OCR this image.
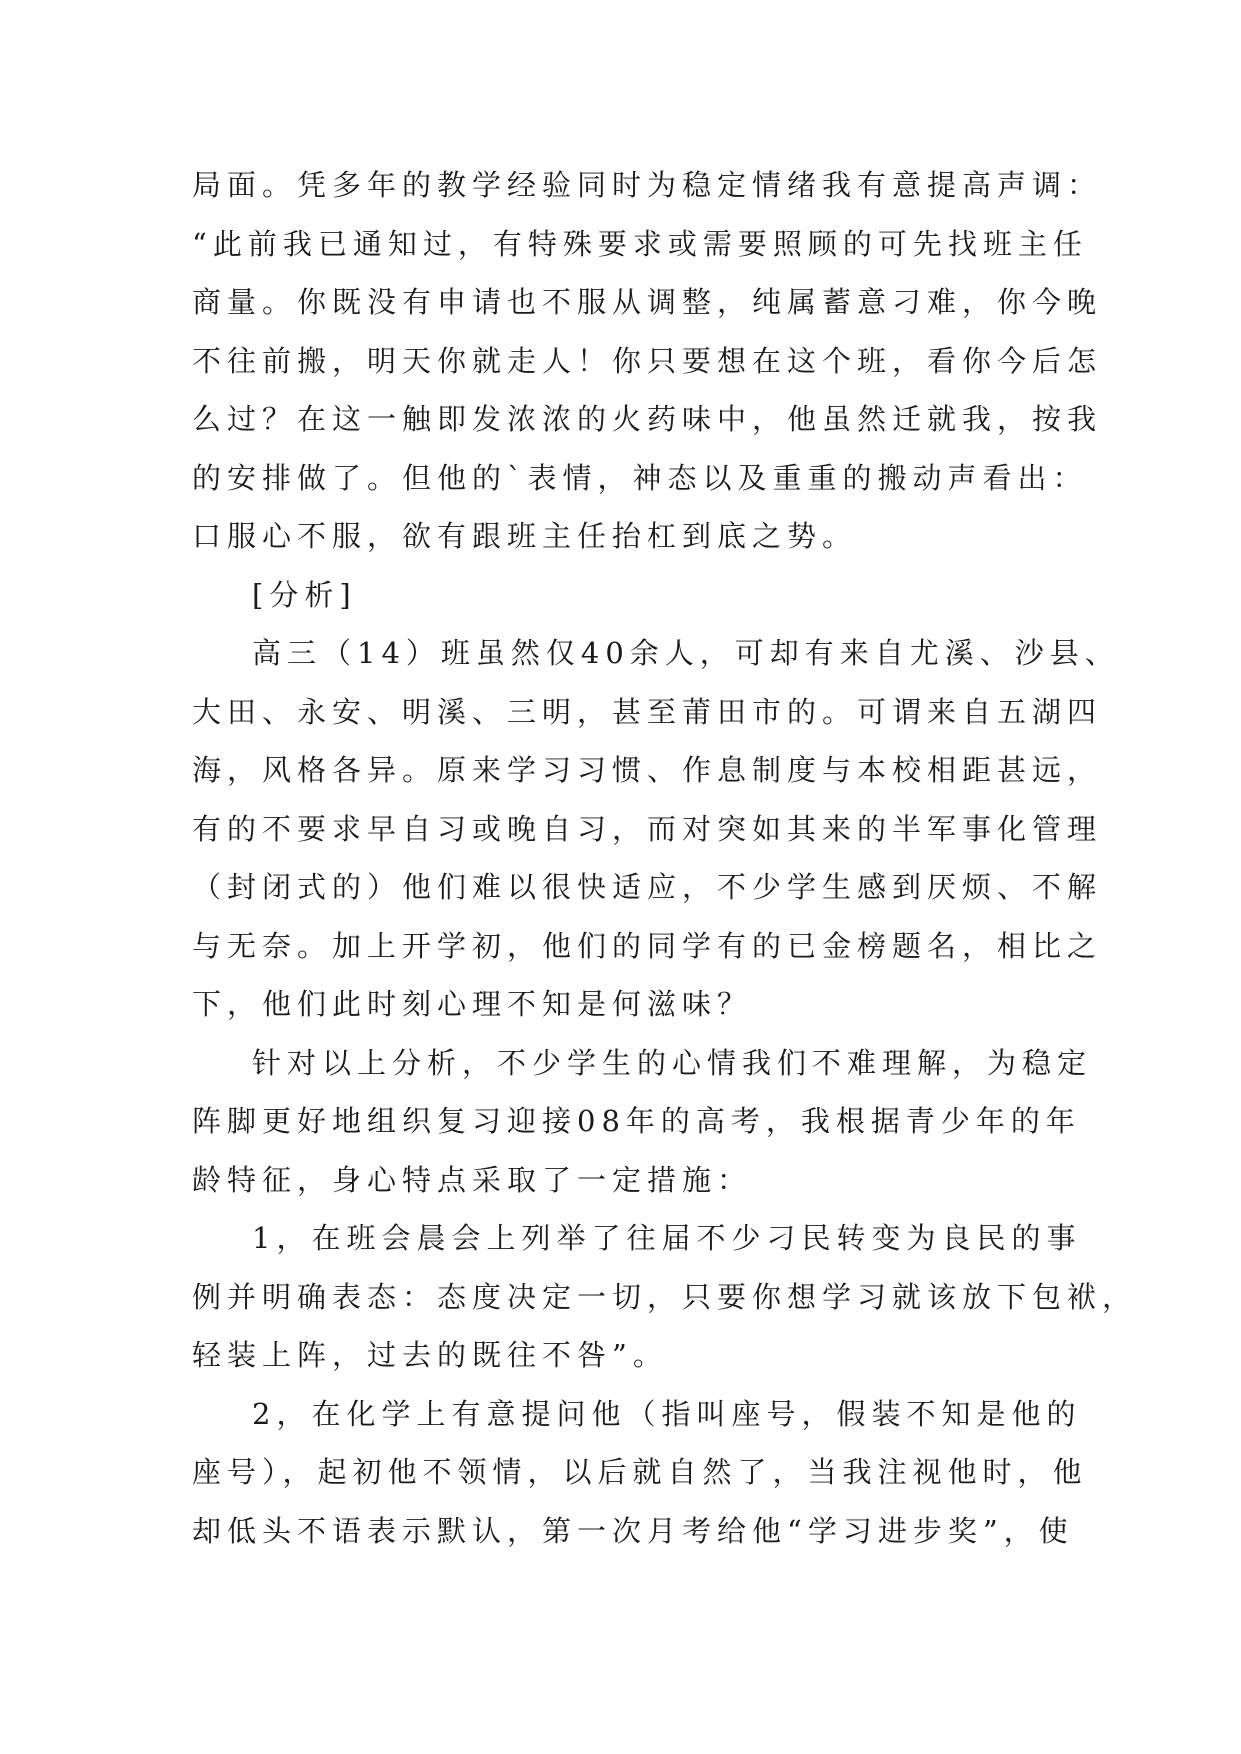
局面。凭多年的教学经验同时为稳定情绪我有意提高声调：
“此前我已通知过，有特殊要求或需要照顾的可先找班主任
商量。你既没有申请也不服从调整，纯属蓄意刁难，你今晚
不往前搬，明天你就走人！你只要想在这个班，看你今后怎
么过？在这一触即发浓浓的火药味中，他虽然迁就我，按我
的安排做了。但他的`表情，神态以及重重的搬动声看出：
口服心不服，欲有跟班主任抬杠到底之势。
[分析]
高三（14）班虽然仅40余人，可却有来自尤溪、沙县、
大田、永安、明溪、三明，甚至莆田市的。可谓来自五湖四
海，风格各异。原来学习习惯、作息制度与本校相距甚远，
有的不要求早自习或晚自习，而对突如其来的半军事化管理
（封闭式的）他们难以很快适应，不少学生感到厌烦、不解
与无奈。加上开学初，他们的同学有的已金榜题名，相比之
下，他们此时刻心理不知是何滋味？
针对以上分析，不少学生的心情我们不难理解，为稳定
阵脚更好地组织复习迎接08年的高考，我根据青少年的年
龄特征，身心特点采取了一定措施：
1，在班会晨会上列举了往届不少刁民转变为良民的事
例并明确表态：态度决定一切，只要你想学习就该放下包袱，
轻装上阵，过去的既往不咎”。
2，在化学上有意提问他（指叫座号，假装不知是他的
座号），起初他不领情，以后就自然了，当我注视他时，他
却低头不语表示默认，第一次月考给他“学习进步奖”，使
